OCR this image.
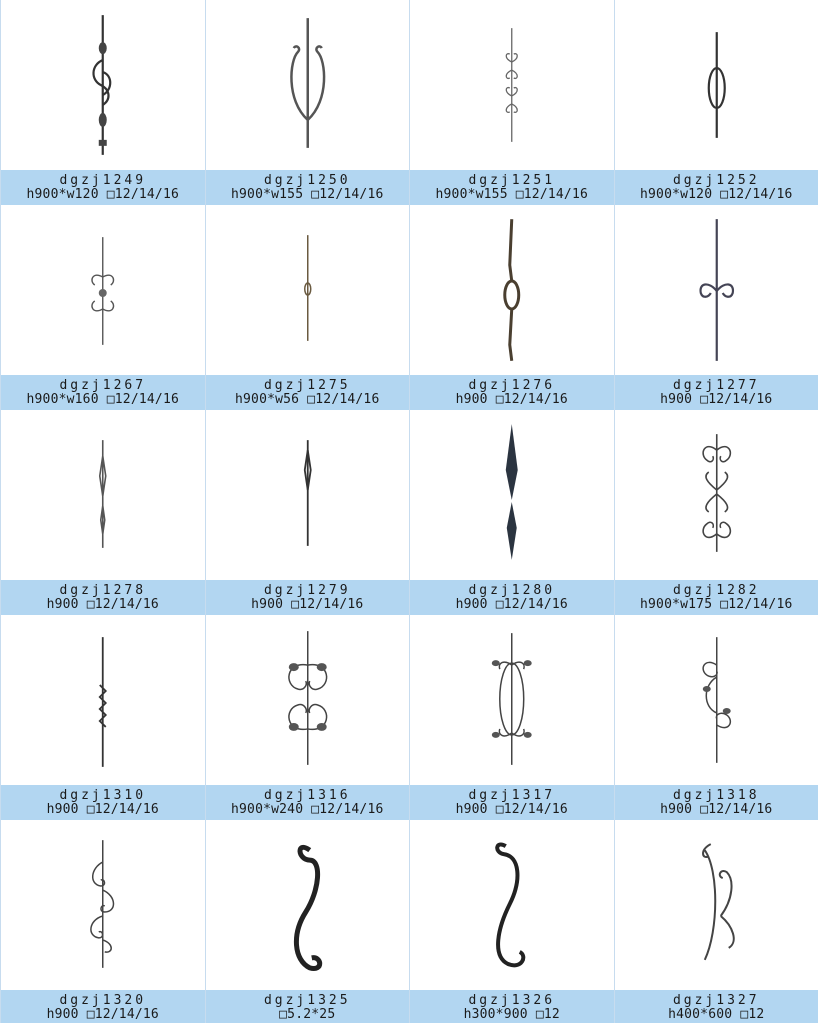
dgzj1249
h900*w120 □12/14/16
dgzj1250
h900*w155 □12/14/16
dgzj1251
h900*w155 □12/14/16
dgzj1252
h900*w120 □12/14/16
dgzj1267
h900*w160 □12/14/16
dgzj1275
h900*w56 □12/14/16
dgzj1276
h900 □12/14/16
dgzj1277
h900 □12/14/16
dgzj1278
h900 □12/14/16
dgzj1279
h900 □12/14/16
dgzj1280
h900 □12/14/16
dgzj1282
h900*w175 □12/14/16
dgzj1310
h900 □12/14/16
dgzj1316
h900*w240 □12/14/16
dgzj1317
h900 □12/14/16
dgzj1318
h900 □12/14/16
dgzj1320
h900 □12/14/16
dgzj1325
□5.2*25
dgzj1326
h300*900 □12
dgzj1327
h400*600 □12
